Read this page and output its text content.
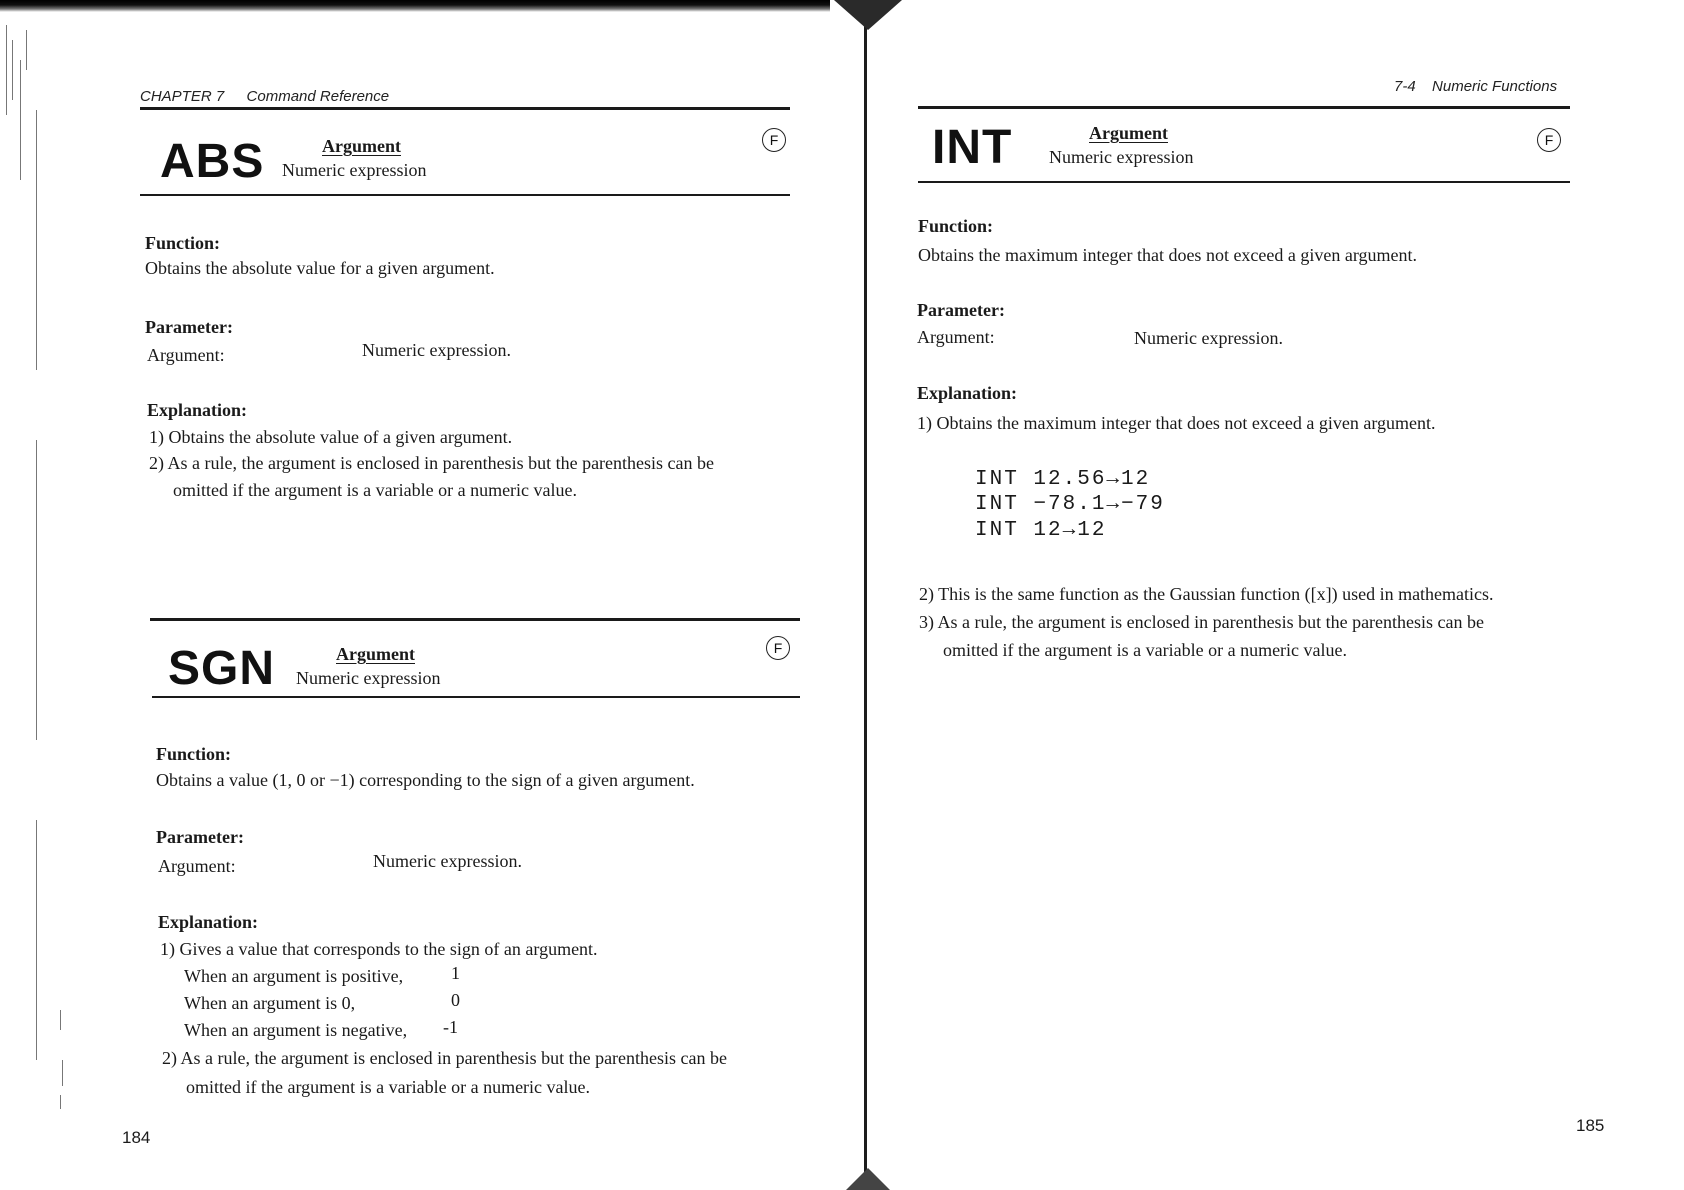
CHAPTER 7 Command Reference
ABS	Argument
Numeric expression
F
Function:
Obtains the absolute value for a given argument.
Parameter:
Argument:	Numeric expression.
Explanation:
1) Obtains the absolute value of a given argument.
2) As a rule, the argument is enclosed in parenthesis but the parenthesis can be
omitted if the argument is a variable or a numeric value.
SGN	Argument
Numeric expression
F
Function:
Obtains a value (1, 0 or −1) corresponding to the sign of a given argument.
Parameter:
Argument:	Numeric expression.
Explanation:
1) Gives a value that corresponds to the sign of an argument.
When an argument is positive,	1
When an argument is 0,	0
When an argument is negative, -1
2) As a rule, the argument is enclosed in parenthesis but the parenthesis can be
omitted if the argument is a variable or a numeric value.
184
7-4 Numeric Functions
INT	Argument
Numeric expression
F
Function:
Obtains the maximum integer that does not exceed a given argument.
Parameter:
Argument:	Numeric expression.
Explanation:
1) Obtains the maximum integer that does not exceed a given argument.
INT 12.56→12
INT −78.1→−79
INT 12→12
2) This is the same function as the Gaussian function ([x]) used in mathematics.
3) As a rule, the argument is enclosed in parenthesis but the parenthesis can be
omitted if the argument is a variable or a numeric value.
185
